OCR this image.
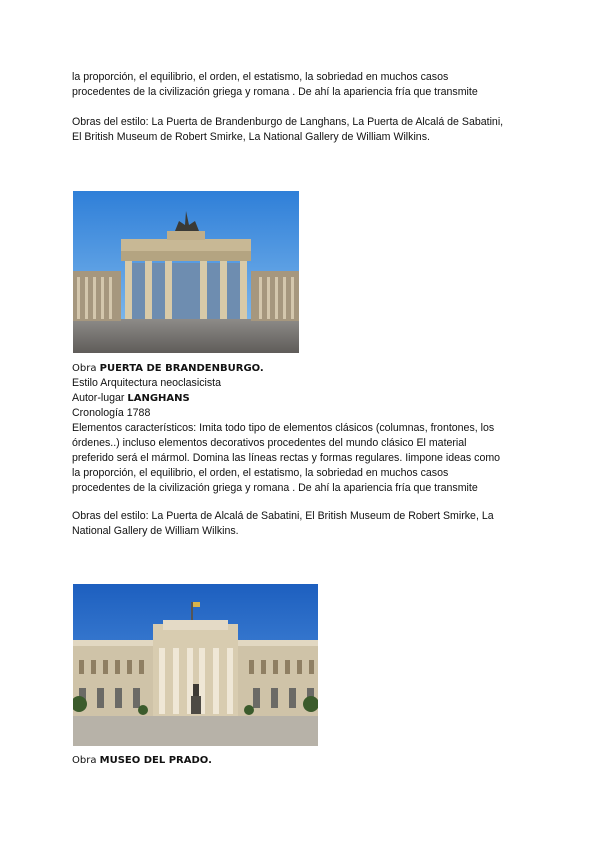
la proporción, el equilibrio, el orden, el estatismo, la sobriedad en muchos casos
procedentes de la civilización griega y romana . De ahí la apariencia fría que transmite
Obras del estilo: La Puerta de Brandenburgo de Langhans, La Puerta de Alcalá de Sabatini,
El British Museum de Robert Smirke, La National Gallery de William Wilkins.
Obra PUERTA DE BRANDENBURGO.
Estilo Arquitectura neoclasicista
Autor-lugar LANGHANS
Cronología 1788
Elementos característicos: Imita todo tipo de elementos clásicos (columnas, frontones, los
órdenes..) incluso elementos decorativos procedentes del mundo clásico El material
preferido será el mármol. Domina las líneas rectas y formas regulares. Iimpone ideas como
la proporción, el equilibrio, el orden, el estatismo, la sobriedad en muchos casos
procedentes de la civilización griega y romana . De ahí la apariencia fría que transmite
Obras del estilo: La Puerta de Alcalá de Sabatini, El British Museum de Robert Smirke, La
National Gallery de William Wilkins.
Obra MUSEO DEL PRADO.
